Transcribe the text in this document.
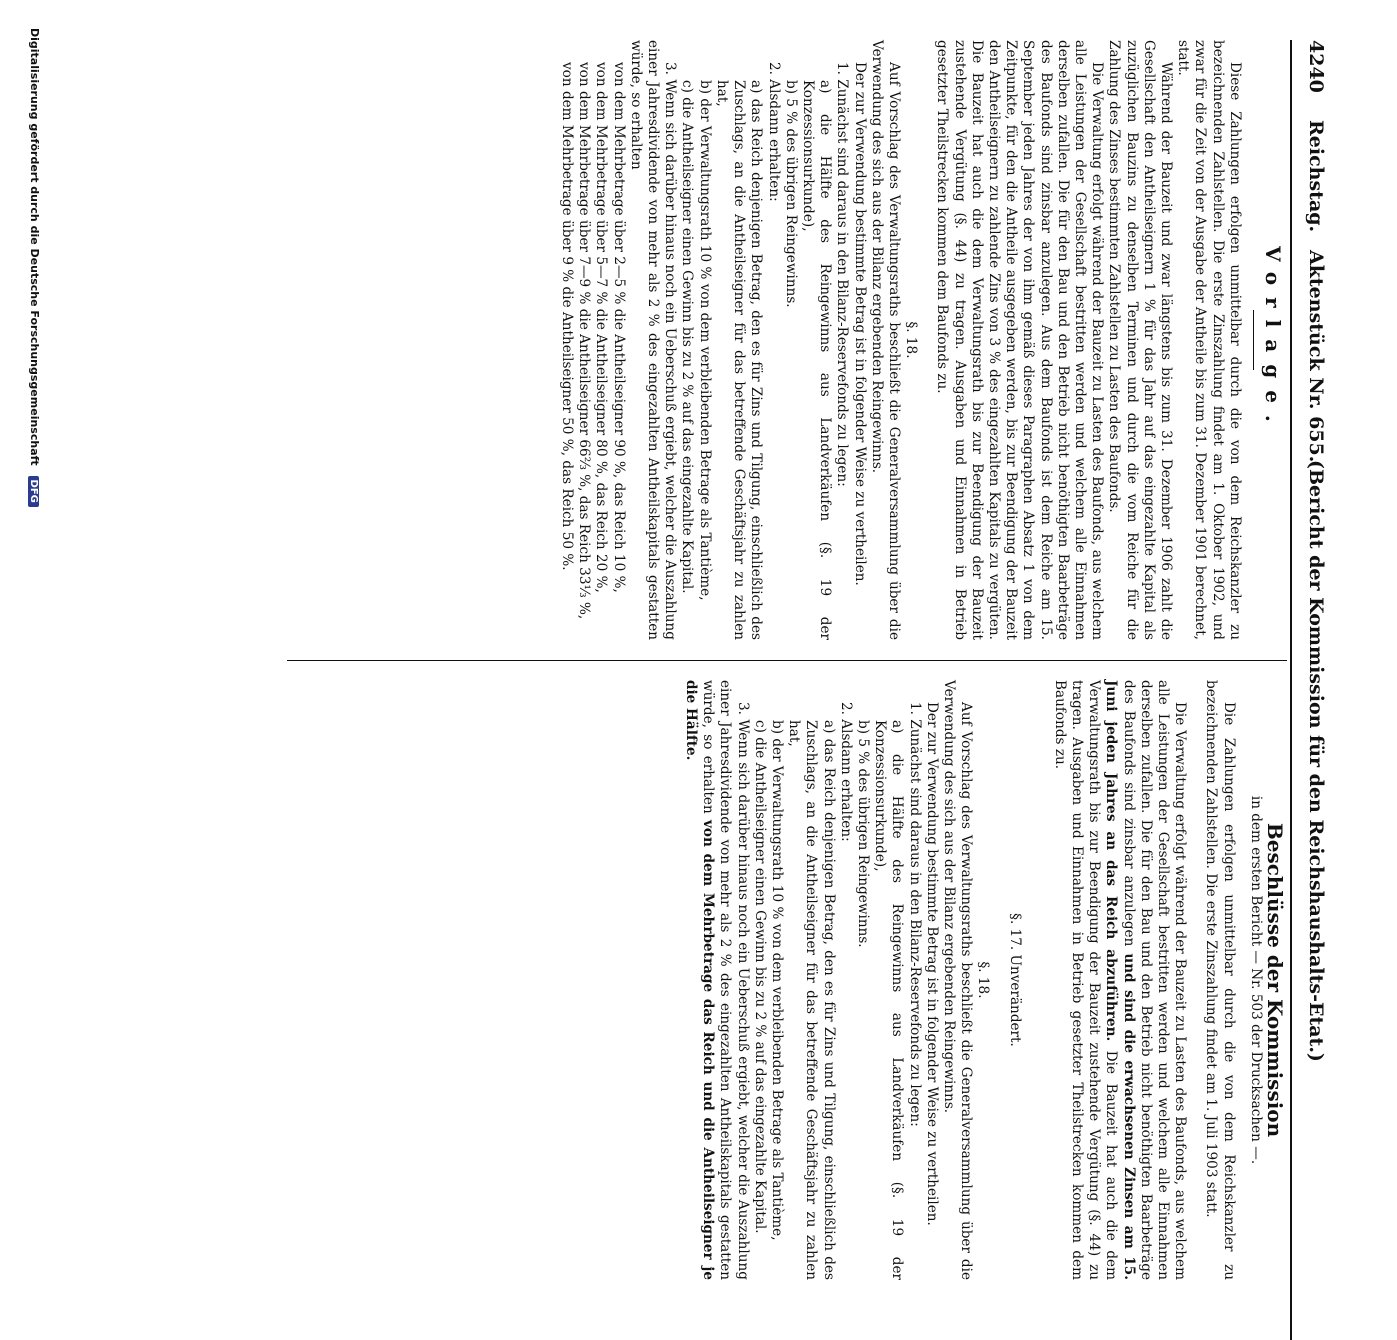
4240
Reichstag.
Aktenstück Nr. 655.
(Bericht der Kommission für den Reichshaushalts-Etat.)
Vorlage.

Diese Zahlungen erfolgen unmittelbar durch die von dem Reichskanzler zu bezeichnenden Zahlstellen. Die erste Zinszahlung findet am 1. Oktober 1902, und zwar für die Zeit von der Ausgabe der Antheile bis zum 31. Dezember 1901 berechnet, statt.

Während der Bauzeit und zwar längstens bis zum 31. Dezember 1906 zahlt die Gesellschaft den Antheilseignern 1 % für das Jahr auf das eingezahlte Kapital als zuzüglichen Bauzins zu denselben Terminen und durch die vom Reiche für die Zahlung des Zinses bestimmten Zahlstellen zu Lasten des Baufonds.

Die Verwaltung erfolgt während der Bauzeit zu Lasten des Baufonds, aus welchem alle Leistungen der Gesellschaft bestritten werden und welchem alle Einnahmen derselben zufallen. Die für den Bau und den Betrieb nicht benöthigten Baarbeträge des Baufonds sind zinsbar anzulegen. Aus dem Baufonds ist dem Reiche am 15. September jeden Jahres der von ihm gemäß dieses Paragraphen Absatz 1 von dem Zeitpunkte, für den die Antheile ausgegeben werden, bis zur Beendigung der Bauzeit den Antheilseignern zu zahlende Zins von 3 % des eingezahlten Kapitals zu vergüten. Die Bauzeit hat auch die dem Verwaltungsrath bis zur Beendigung der Bauzeit zustehende Vergütung (§. 44) zu tragen. Ausgaben und Einnahmen in Betrieb gesetzter Theilstrecken kommen dem Baufonds zu.

§. 18.

Auf Vorschlag des Verwaltungsraths beschließt die Generalversammlung über die Verwendung des sich aus der Bilanz ergebenden Reingewinns.

Der zur Verwendung bestimmte Betrag ist in folgender Weise zu vertheilen.

1. Zunächst sind daraus in den Bilanz-Reservefonds zu legen:

a) die Hälfte des Reingewinns aus Landverkäufen (§. 19 der Konzessionsurkunde),

b) 5 % des übrigen Reingewinns.

2. Alsdann erhalten:

a) das Reich denjenigen Betrag, den es für Zins und Tilgung, einschließlich des Zuschlags, an die Antheilseigner für das betreffende Geschäftsjahr zu zahlen hat,

b) der Verwaltungsrath 10 % von dem verbleibenden Betrage als Tantième,

c) die Antheilseigner einen Gewinn bis zu 2 % auf das eingezahlte Kapital.

3. Wenn sich darüber hinaus noch ein Ueberschuß ergiebt, welcher die Auszahlung einer Jahresdividende von mehr als 2 % des eingezahlten Antheilskapitals gestatten würde, so erhalten

von dem Mehrbetrage über 2—5 % die Antheilseigner 90 %, das Reich 10 %,

von dem Mehrbetrage über 5—7 % die Antheilseigner 80 %, das Reich 20 %,

von dem Mehrbetrage über 7—9 % die Antheilseigner 66⅔ %, das Reich 33⅓ %,

von dem Mehrbetrage über 9 % die Antheilseigner 50 %, das Reich 50 %.

Beschlüsse der Kommission
in dem ersten Bericht — Nr. 503 der Drucksachen —.

Die Zahlungen erfolgen unmittelbar durch die von dem Reichskanzler zu bezeichnenden Zahlstellen. Die erste Zinszahlung findet am 1. Juli 1903 statt.

Die Verwaltung erfolgt während der Bauzeit zu Lasten des Baufonds, aus welchem alle Leistungen der Gesellschaft bestritten werden und welchem alle Einnahmen derselben zufallen. Die für den Bau und den Betrieb nicht benöthigten Baarbeträge des Baufonds sind zinsbar anzulegen und sind die erwachsenen Zinsen am 15. Juni jeden Jahres an das Reich abzuführen. Die Bauzeit hat auch die dem Verwaltungsrath bis zur Beendigung der Bauzeit zustehende Vergütung (§. 44) zu tragen. Ausgaben und Einnahmen in Betrieb gesetzter Theilstrecken kommen dem Baufonds zu.

§. 17. Unverändert.

§. 18.

Auf Vorschlag des Verwaltungsraths beschließt die Generalversammlung über die Verwendung des sich aus der Bilanz ergebenden Reingewinns.

Der zur Verwendung bestimmte Betrag ist in folgender Weise zu vertheilen.

1. Zunächst sind daraus in den Bilanz-Reservefonds zu legen:

a) die Hälfte des Reingewinns aus Landverkäufen (§. 19 der Konzessionsurkunde),

b) 5 % des übrigen Reingewinns.

2. Alsdann erhalten:

a) das Reich denjenigen Betrag, den es für Zins und Tilgung, einschließlich des Zuschlags, an die Antheilseigner für das betreffende Geschäftsjahr zu zahlen hat,

b) der Verwaltungsrath 10 % von dem verbleibenden Betrage als Tantième,

c) die Antheilseigner einen Gewinn bis zu 2 % auf das eingezahlte Kapital.

3. Wenn sich darüber hinaus noch ein Ueberschuß ergiebt, welcher die Auszahlung einer Jahresdividende von mehr als 2 % des eingezahlten Antheilskapitals gestatten würde, so erhalten von dem Mehrbetrage das Reich und die Antheilseigner je die Hälfte.

Digitalisierung gefördert durch die Deutsche Forschungsgemeinschaft DFG
